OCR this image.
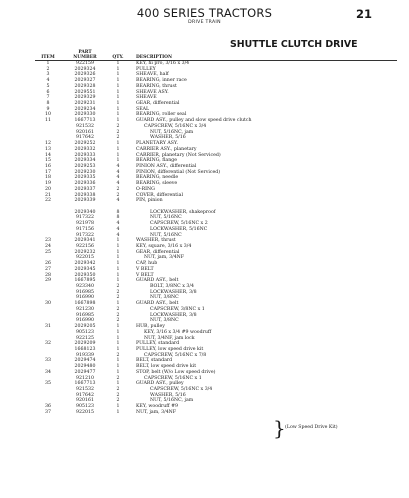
400 SERIES TRACTORS
DRIVE TRAIN
21
SHUTTLE CLUTCH DRIVE
ITEM
PART
NUMBER	QTY.	DESCRIPTION
1	922159	1	KEY, hi pro, 3/16 x 3/4
2	2029324	1	PULLEY
3	2029326	1	SHEAVE, half
4	2029327	1	BEARING, inner race
5	2029328	1	BEARING, thrust
6	2029551	1	SHEAVE ASY.
7	2029329	1	SHEAVE
8	2029231	1	GEAR, differential
9	2029234	1	SEAL
10	2029330	1	BEARING, roller seal
11	1667713	1	GUARD ASY., pulley and slow speed drive clutch
921532	2	CAPSCREW, 5/16NC x 3/4
920161	2	NUT, 5/16NC, jam
917642	2	WASHER, 5/16
12	2029252	1	PLANETARY ASY.
13	2029332	1	CARRIER ASY., planetary
14	2029333	1	CARRIER, planetary (Not Serviced)
15	2029334	1	BEARING, flange
16	2029253	4	PINION ASY., differential
17	2029230	4	PINION, differential (Not Serviced)
18	2029335	4	BEARING, needle
19	2029336	4	BEARING, sleeve
20	2029337	2	O-RING
21	2029338	2	COVER, differential
22	2029339	4	PIN, pinion
2029340	8	LOCKWASHER, shakeproof
917322	8	NUT, 5/16NC
921978	4	CAPSCREW, 5/16NC x 2
917156	4	LOCKWASHER, 5/16NC
917322	4	NUT, 5/16NC
23	2029341	1	WASHER, thrust
24	922156	1	KEY, square, 3/16 x 3/4
25	2029232	1	GEAR, differential
922015	1	NUT, jam, 3/4NF
26	2029342	1	CAP, hub
27	2029345	1	V BELT
28	2029350	1	V BELT
29	1667895	1	GUARD ASY., belt
923340	2	BOLT, 3/8NC x 3/4
916985	2	LOCKWASHER, 3/8
916990	2	NUT, 3/8NC
30	1667898	1	GUARD ASY., belt
921230	2	CAPSCREW, 3/8NC x 1
916985	2	LOCKWASHER, 3/8
916990	2	NUT, 3/8NC
31	2029205	1	HUB, pulley
905123	1	KEY, 3/16 x 3/4 #9 woodruff
922125	1	NUT, 3/4NF, jam lock
32	2029209	1	PULLEY, standard
1668123	1	PULLEY, low speed drive kit
919339	2	CAPSCREW, 5/16NC x 7/8
33	2029474	1	BELT, standard
2029480	1	BELT, low speed drive kit
34	2029477	1	STOP, belt (W/o Low speed drive)
921210	2	CAPSCREW, 5/16NC x 1
35	1667713	1	GUARD ASY., pulley
921532	2	CAPSCREW, 5/16NC x 3/4
917642	2	WASHER, 5/16
920161	2	NUT, 5/16NC, jam
36	905123	1	KEY, woodruff #9
37	922015	1	NUT, jam, 3/4NF
} (Low Speed Drive Kit)
